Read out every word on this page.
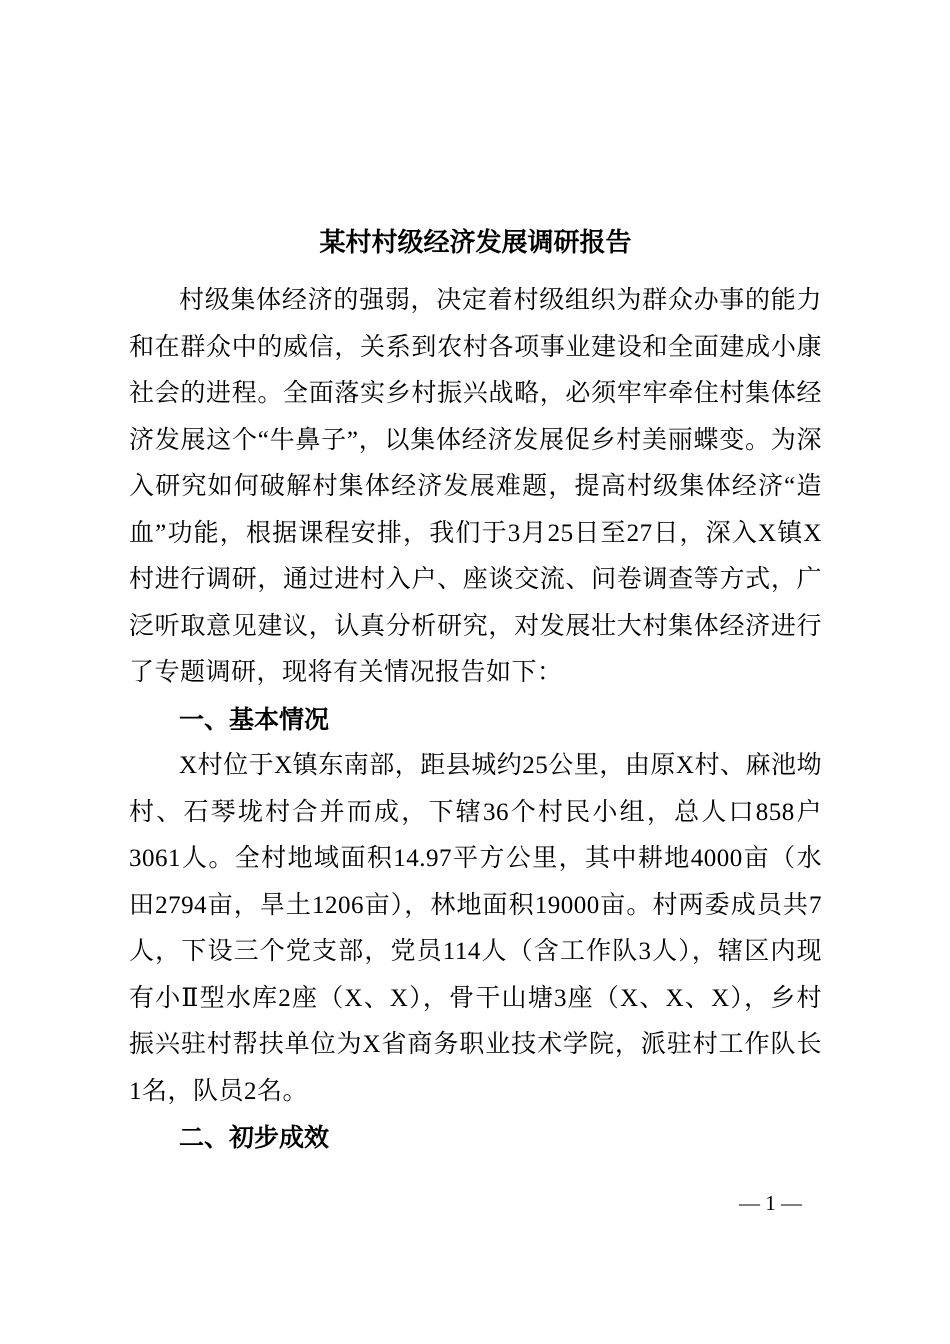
某村村级经济发展调研报告

村级集体经济的强弱，决定着村级组织为群众办事的能力和在群众中的威信，关系到农村各项事业建设和全面建成小康社会的进程。全面落实乡村振兴战略，必须牢牢牵住村集体经济发展这个“牛鼻子”，以集体经济发展促乡村美丽蝶变。为深入研究如何破解村集体经济发展难题，提高村级集体经济“造血”功能，根据课程安排，我们于3月25日至27日，深入X镇X村进行调研，通过进村入户、座谈交流、问卷调查等方式，广泛听取意见建议，认真分析研究，对发展壮大村集体经济进行了专题调研，现将有关情况报告如下：

一、基本情况

X村位于X镇东南部，距县城约25公里，由原X村、麻池坳村、石琴垅村合并而成，下辖36个村民小组，总人口858户3061人。全村地域面积14.97平方公里，其中耕地4000亩（水田2794亩，旱土1206亩），林地面积19000亩。村两委成员共7人，下设三个党支部，党员114人（含工作队3人），辖区内现有小Ⅱ型水库2座（X、X），骨干山塘3座（X、X、X），乡村振兴驻村帮扶单位为X省商务职业技术学院，派驻村工作队长1名，队员2名。

二、初步成效

— 1 —
